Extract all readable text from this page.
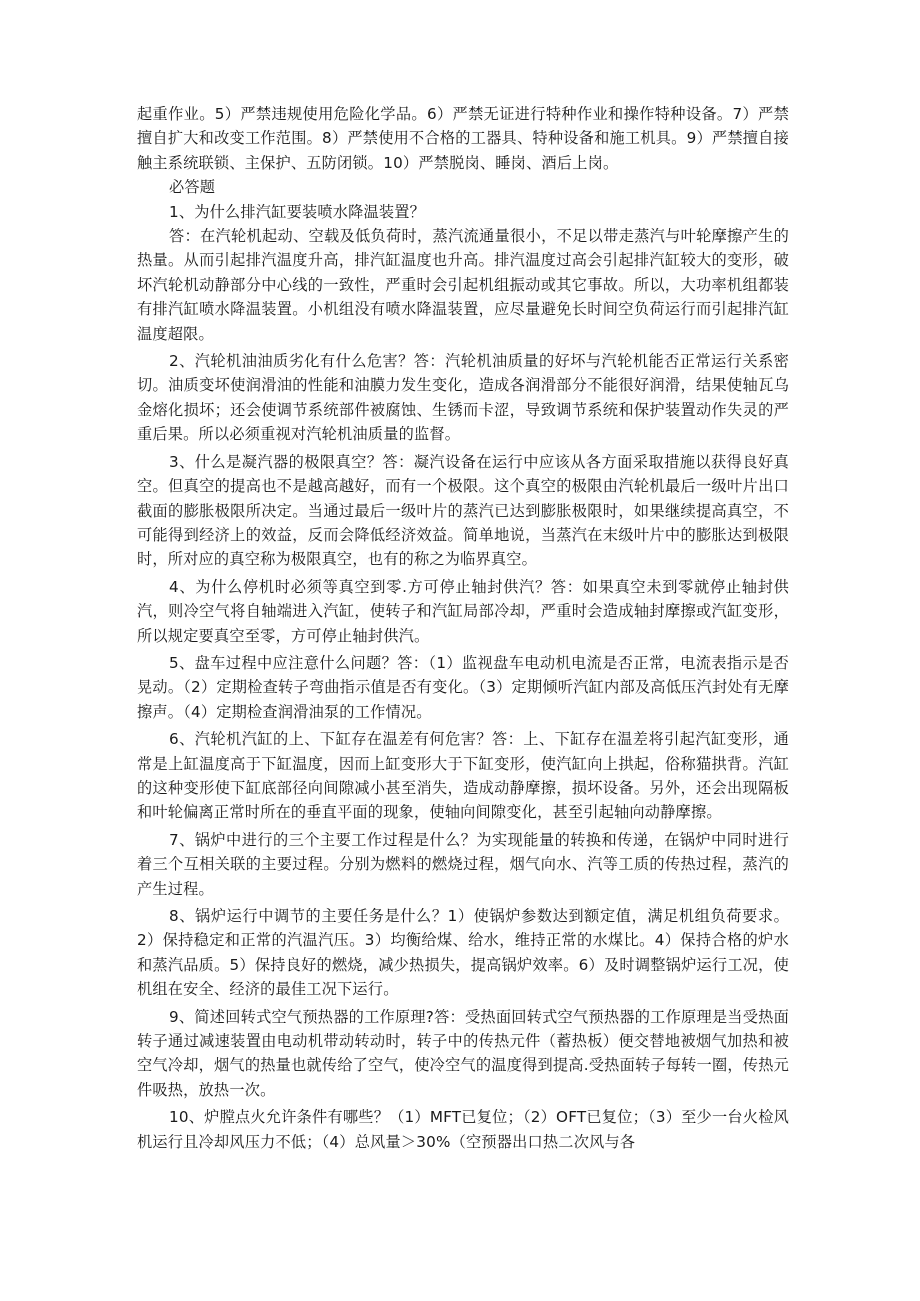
起重作业。5）严禁违规使用危险化学品。6）严禁无证进行特种作业和操作特种设备。7）严禁擅自扩大和改变工作范围。8）严禁使用不合格的工器具、特种设备和施工机具。9）严禁擅自接触主系统联锁、主保护、五防闭锁。10）严禁脱岗、睡岗、酒后上岗。

必答题

1、为什么排汽缸要装喷水降温装置？

答：在汽轮机起动、空载及低负荷时，蒸汽流通量很小，不足以带走蒸汽与叶轮摩擦产生的热量。从而引起排汽温度升高，排汽缸温度也升高。排汽温度过高会引起排汽缸较大的变形，破坏汽轮机动静部分中心线的一致性，严重时会引起机组振动或其它事故。所以，大功率机组都装有排汽缸喷水降温装置。小机组没有喷水降温装置，应尽量避免长时间空负荷运行而引起排汽缸温度超限。

2、汽轮机油油质劣化有什么危害？答：汽轮机油质量的好坏与汽轮机能否正常运行关系密切。油质变坏使润滑油的性能和油膜力发生变化，造成各润滑部分不能很好润滑，结果使轴瓦乌金熔化损坏；还会使调节系统部件被腐蚀、生锈而卡涩，导致调节系统和保护装置动作失灵的严重后果。所以必须重视对汽轮机油质量的监督。

3、什么是凝汽器的极限真空？答：凝汽设备在运行中应该从各方面采取措施以获得良好真空。但真空的提高也不是越高越好，而有一个极限。这个真空的极限由汽轮机最后一级叶片出口截面的膨胀极限所决定。当通过最后一级叶片的蒸汽已达到膨胀极限时，如果继续提高真空，不可能得到经济上的效益，反而会降低经济效益。简单地说，当蒸汽在末级叶片中的膨胀达到极限时，所对应的真空称为极限真空，也有的称之为临界真空。

4、为什么停机时必须等真空到零.方可停止轴封供汽？答：如果真空未到零就停止轴封供汽，则冷空气将自轴端进入汽缸，使转子和汽缸局部冷却，严重时会造成轴封摩擦或汽缸变形，所以规定要真空至零，方可停止轴封供汽。

5、盘车过程中应注意什么问题？答：（1）监视盘车电动机电流是否正常，电流表指示是否晃动。（2）定期检查转子弯曲指示值是否有变化。（3）定期倾听汽缸内部及高低压汽封处有无摩擦声。（4）定期检查润滑油泵的工作情况。

6、汽轮机汽缸的上、下缸存在温差有何危害？答：上、下缸存在温差将引起汽缸变形，通常是上缸温度高于下缸温度，因而上缸变形大于下缸变形，使汽缸向上拱起，俗称猫拱背。汽缸的这种变形使下缸底部径向间隙减小甚至消失，造成动静摩擦，损坏设备。另外，还会出现隔板和叶轮偏离正常时所在的垂直平面的现象，使轴向间隙变化，甚至引起轴向动静摩擦。

7、锅炉中进行的三个主要工作过程是什么？为实现能量的转换和传递，在锅炉中同时进行着三个互相关联的主要过程。分别为燃料的燃烧过程，烟气向水、汽等工质的传热过程，蒸汽的产生过程。

8、锅炉运行中调节的主要任务是什么？1）使锅炉参数达到额定值，满足机组负荷要求。2）保持稳定和正常的汽温汽压。3）均衡给煤、给水，维持正常的水煤比。4）保持合格的炉水和蒸汽品质。5）保持良好的燃烧，减少热损失，提高锅炉效率。6）及时调整锅炉运行工况，使机组在安全、经济的最佳工况下运行。

9、简述回转式空气预热器的工作原理?答：受热面回转式空气预热器的工作原理是当受热面转子通过减速装置由电动机带动转动时，转子中的传热元件（蓄热板）便交替地被烟气加热和被空气冷却，烟气的热量也就传给了空气，使冷空气的温度得到提高.受热面转子每转一圈，传热元件吸热，放热一次。

10、炉膛点火允许条件有哪些？（1）MFT已复位；（2）OFT已复位；（3）至少一台火检风机运行且冷却风压力不低；（4）总风量＞30%（空预器出口热二次风与各
